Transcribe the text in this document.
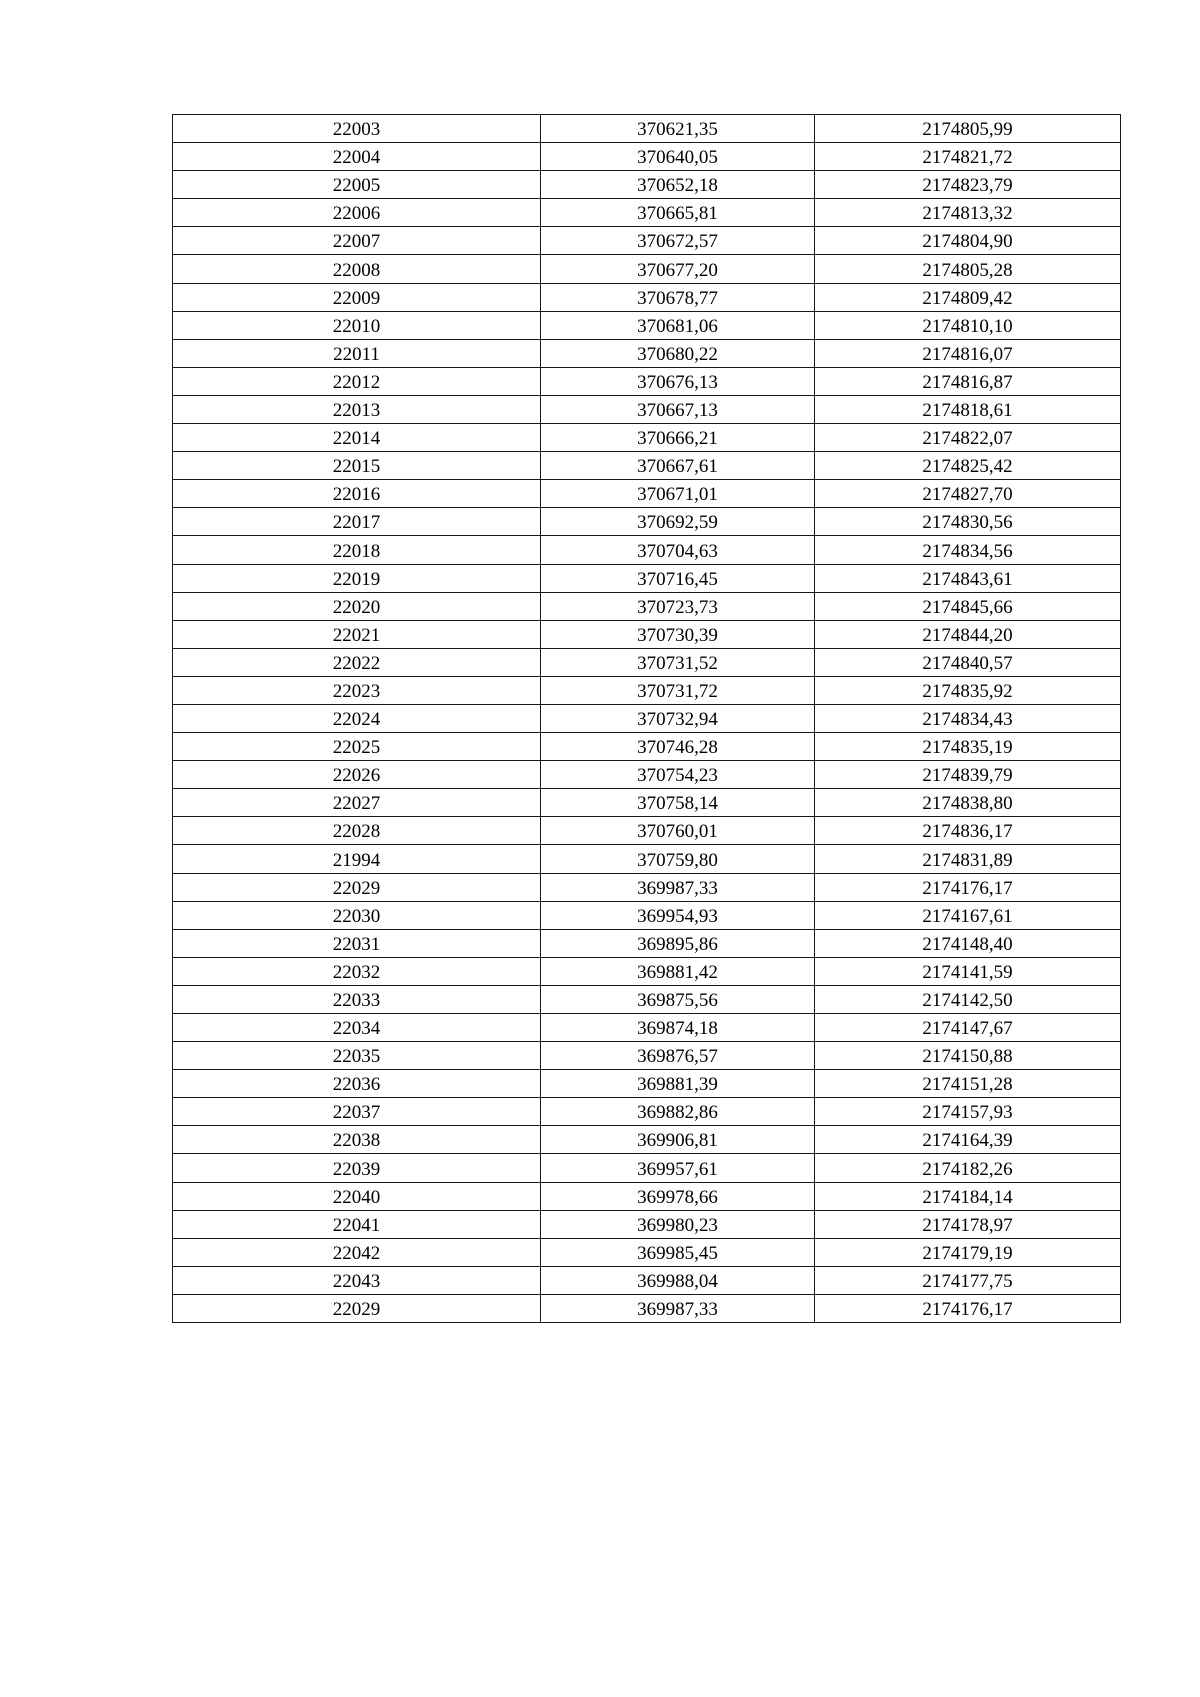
22003	370621,35	2174805,99
22004	370640,05	2174821,72
22005	370652,18	2174823,79
22006	370665,81	2174813,32
22007	370672,57	2174804,90
22008	370677,20	2174805,28
22009	370678,77	2174809,42
22010	370681,06	2174810,10
22011	370680,22	2174816,07
22012	370676,13	2174816,87
22013	370667,13	2174818,61
22014	370666,21	2174822,07
22015	370667,61	2174825,42
22016	370671,01	2174827,70
22017	370692,59	2174830,56
22018	370704,63	2174834,56
22019	370716,45	2174843,61
22020	370723,73	2174845,66
22021	370730,39	2174844,20
22022	370731,52	2174840,57
22023	370731,72	2174835,92
22024	370732,94	2174834,43
22025	370746,28	2174835,19
22026	370754,23	2174839,79
22027	370758,14	2174838,80
22028	370760,01	2174836,17
21994	370759,80	2174831,89
22029	369987,33	2174176,17
22030	369954,93	2174167,61
22031	369895,86	2174148,40
22032	369881,42	2174141,59
22033	369875,56	2174142,50
22034	369874,18	2174147,67
22035	369876,57	2174150,88
22036	369881,39	2174151,28
22037	369882,86	2174157,93
22038	369906,81	2174164,39
22039	369957,61	2174182,26
22040	369978,66	2174184,14
22041	369980,23	2174178,97
22042	369985,45	2174179,19
22043	369988,04	2174177,75
22029	369987,33	2174176,17
